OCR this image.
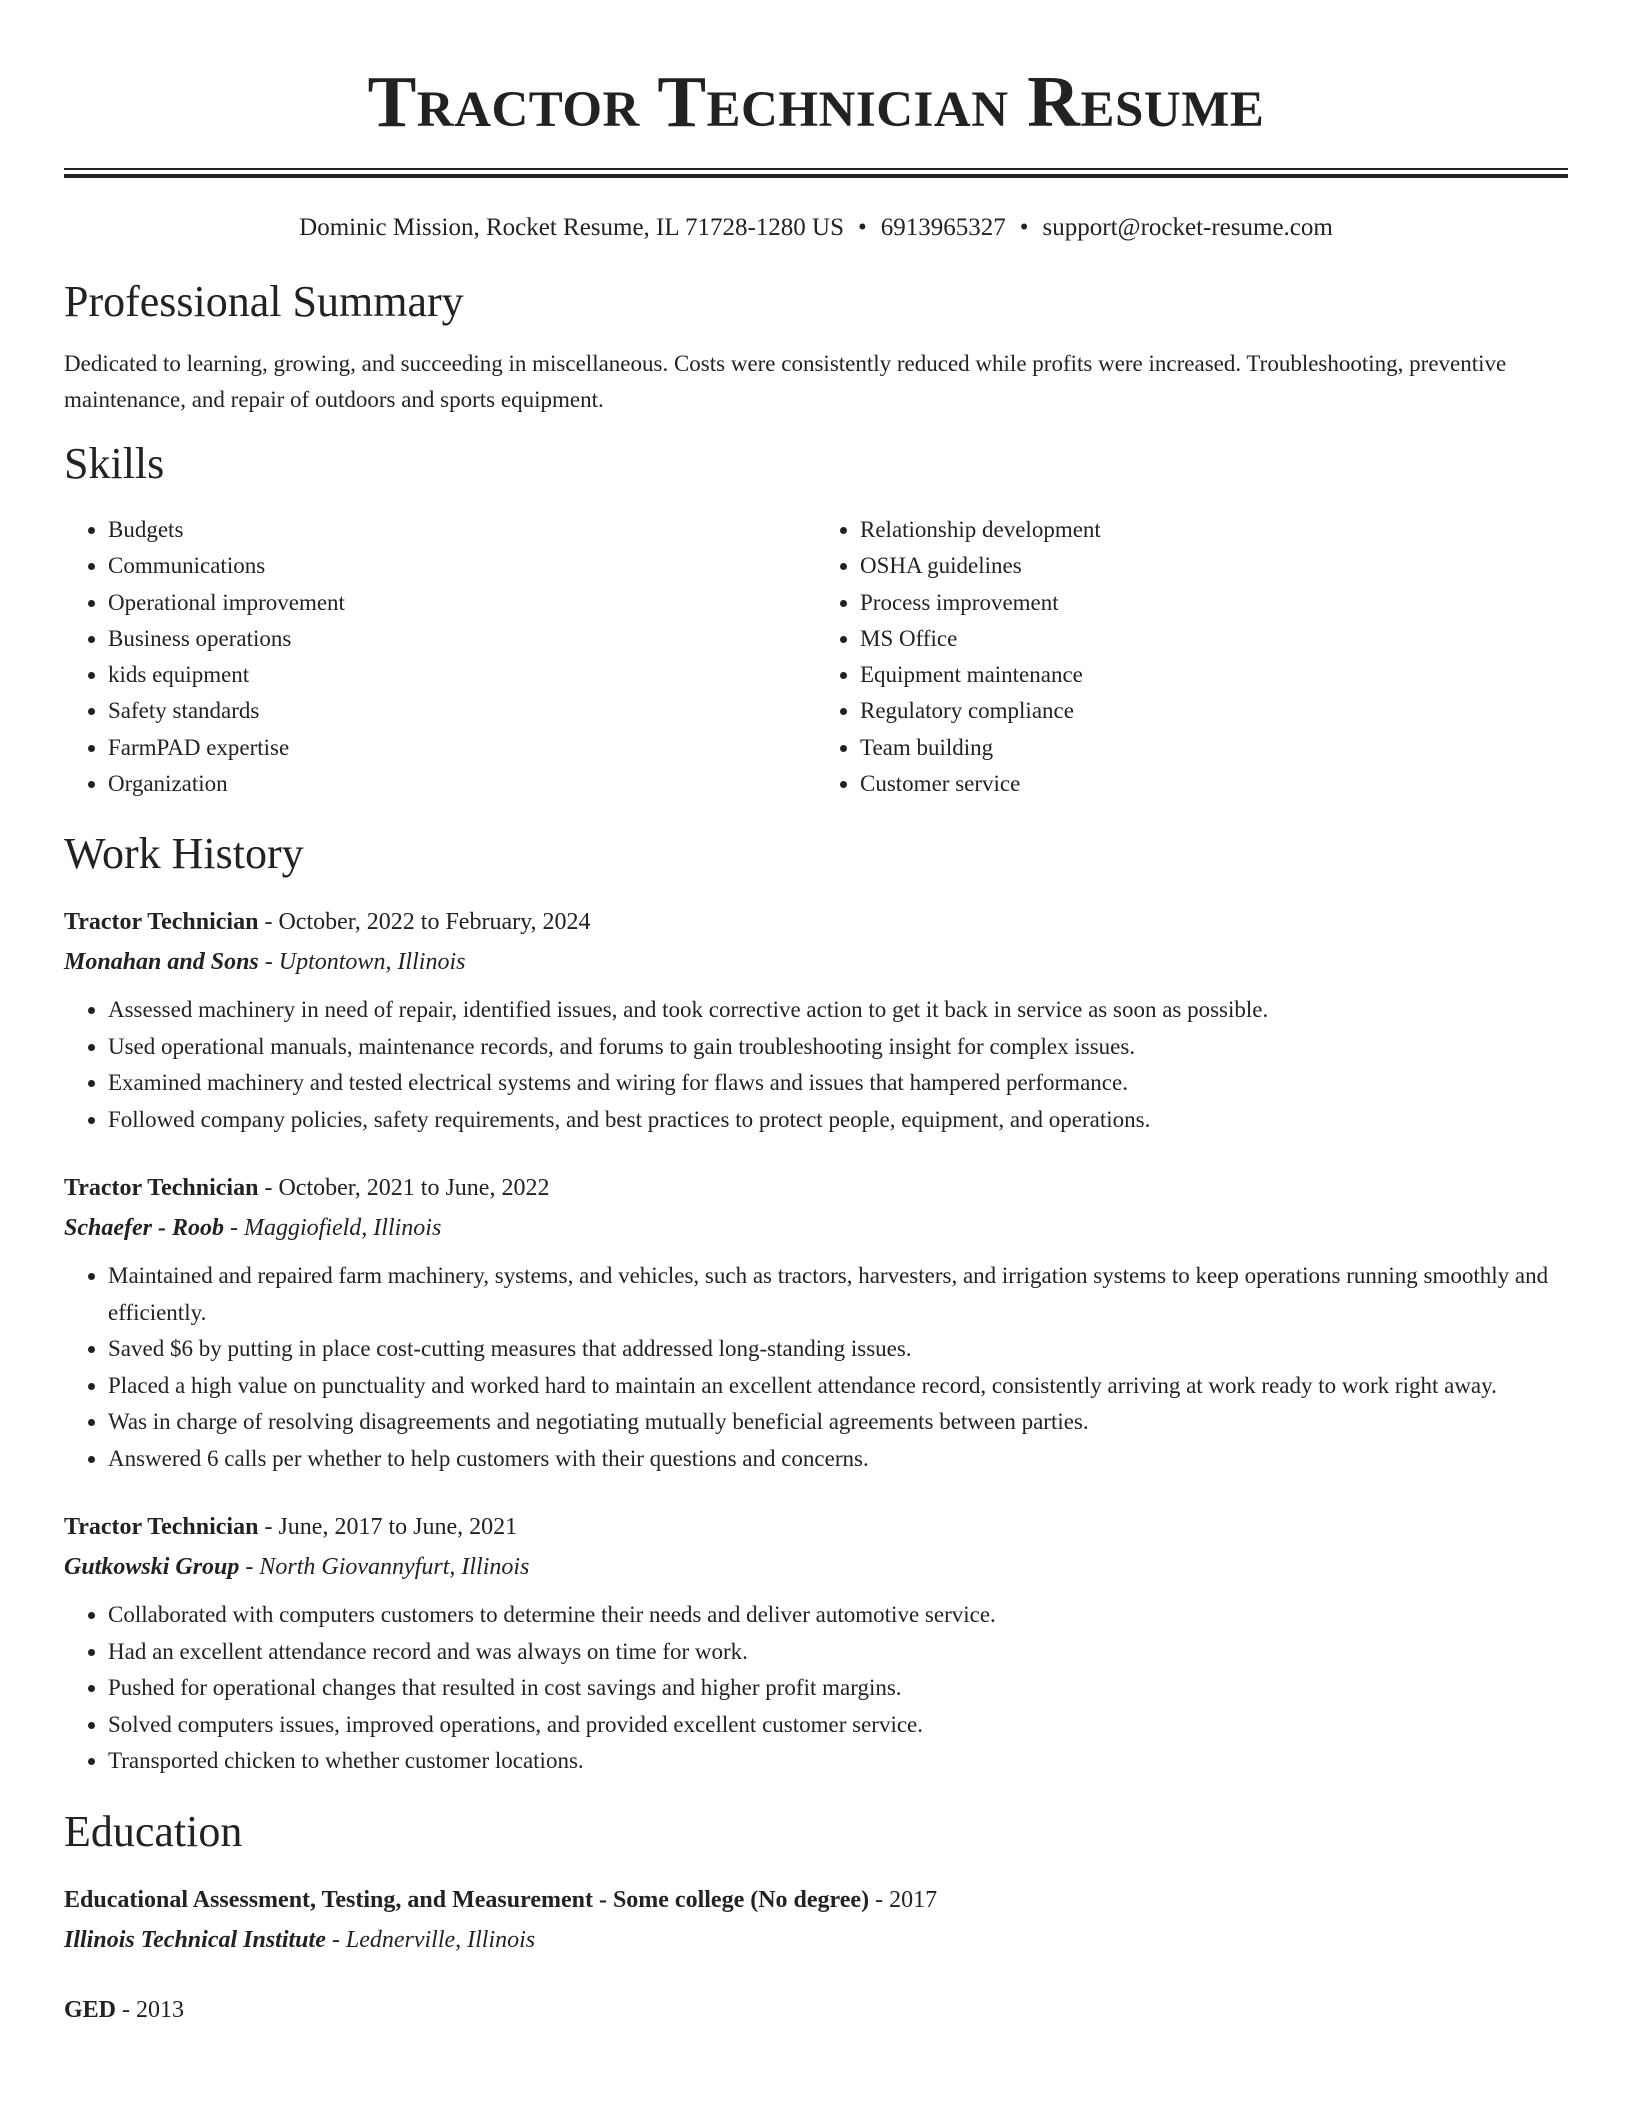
Tractor Technician Resume
Dominic Mission, Rocket Resume, IL 71728-1280 US • 6913965327 • support@rocket-resume.com
Professional Summary
Dedicated to learning, growing, and succeeding in miscellaneous. Costs were consistently reduced while profits were increased. Troubleshooting, preventive maintenance, and repair of outdoors and sports equipment.
Skills
• Budgets
• Communications
• Operational improvement
• Business operations
• kids equipment
• Safety standards
• FarmPAD expertise
• Organization
• Relationship development
• OSHA guidelines
• Process improvement
• MS Office
• Equipment maintenance
• Regulatory compliance
• Team building
• Customer service
Work History
Tractor Technician - October, 2022 to February, 2024
Monahan and Sons - Uptontown, Illinois
• Assessed machinery in need of repair, identified issues, and took corrective action to get it back in service as soon as possible.
• Used operational manuals, maintenance records, and forums to gain troubleshooting insight for complex issues.
• Examined machinery and tested electrical systems and wiring for flaws and issues that hampered performance.
• Followed company policies, safety requirements, and best practices to protect people, equipment, and operations.
Tractor Technician - October, 2021 to June, 2022
Schaefer - Roob - Maggiofield, Illinois
• Maintained and repaired farm machinery, systems, and vehicles, such as tractors, harvesters, and irrigation systems to keep operations running smoothly and efficiently.
• Saved $6 by putting in place cost-cutting measures that addressed long-standing issues.
• Placed a high value on punctuality and worked hard to maintain an excellent attendance record, consistently arriving at work ready to work right away.
• Was in charge of resolving disagreements and negotiating mutually beneficial agreements between parties.
• Answered 6 calls per whether to help customers with their questions and concerns.
Tractor Technician - June, 2017 to June, 2021
Gutkowski Group - North Giovannyfurt, Illinois
• Collaborated with computers customers to determine their needs and deliver automotive service.
• Had an excellent attendance record and was always on time for work.
• Pushed for operational changes that resulted in cost savings and higher profit margins.
• Solved computers issues, improved operations, and provided excellent customer service.
• Transported chicken to whether customer locations.
Education
Educational Assessment, Testing, and Measurement - Some college (No degree) - 2017
Illinois Technical Institute - Lednerville, Illinois
GED - 2013
